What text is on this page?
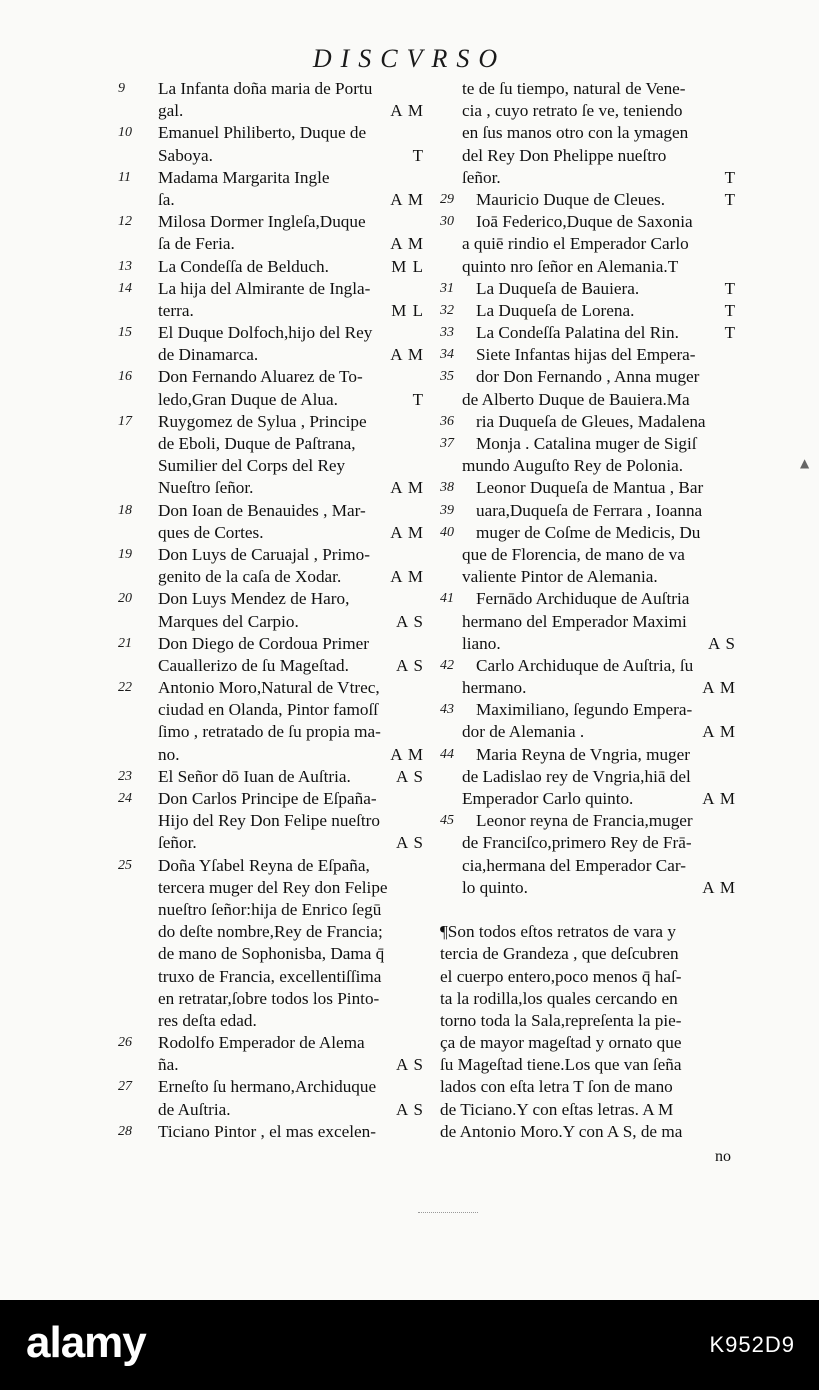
DISCVRSO
9	La Infanta doña maria de Portu
gal.	A M
10	Emanuel Philiberto, Duque de
Saboya.	T
11	Madama Margarita Ingle
ſa.	A M
12	Milosa Dormer Ingleſa,Duque
ſa de Feria.	A M
13	La Condeſſa de Belduch.	M L
14	La hija del Almirante de Ingla-
terra.	M L
15	El Duque Dolfoch,hijo del Rey
de Dinamarca.	A M
16	Don Fernando Aluarez de To-
ledo,Gran Duque de Alua.	T
17	Ruygomez de Sylua , Principe
de Eboli, Duque de Paſtrana,
Sumilier del Corps del Rey
Nueſtro ſeñor.	A M
18	Don Ioan de Benauides , Mar-
ques de Cortes.	A M
19	Don Luys de Caruajal , Primo-
genito de la caſa de Xodar.	A M
20	Don Luys Mendez de Haro,
Marques del Carpio.	A S
21	Don Diego de Cordoua Primer
Cauallerizo de ſu Mageſtad.	A S
22	Antonio Moro,Natural de Vtrec,
ciudad en Olanda, Pintor famoſſ
ſimo , retratado de ſu propia ma-
no.	A M
23	El Señor dō Iuan de Auſtria.	A S
24	Don Carlos Principe de Eſpaña-
Hijo del Rey Don Felipe nueſtro
ſeñor.	A S
25	Doña Yſabel Reyna de Eſpaña,
tercera muger del Rey don Felipe
nueſtro ſeñor:hija de Enrico ſegū
do deſte nombre,Rey de Francia;
de mano de Sophonisba, Dama q̄
truxo de Francia, excellentiſſima
en retratar,ſobre todos los Pinto-
res deſta edad.
26	Rodolfo Emperador de Alema
ña.	A S
27	Erneſto ſu hermano,Archiduque
de Auſtria.	A S
28	Ticiano Pintor , el mas excelen-
te de ſu tiempo, natural de Vene-
cia , cuyo retrato ſe ve, teniendo
en ſus manos otro con la ymagen
del Rey Don Phelippe nueſtro
ſeñor.	T
29	Mauricio Duque de Cleues.	T
30	Ioā Federico,Duque de Saxonia
a quiē rindio el Emperador Carlo
quinto nro ſeñor en Alemania.T
31	La Duqueſa de Bauiera.	T
32	La Duqueſa de Lorena.	T
33	La Condeſſa Palatina del Rin.	T
34	Siete Infantas hijas del Empera-
35	dor Don Fernando , Anna muger
de Alberto Duque de Bauiera.Ma
36	ria Duqueſa de Gleues, Madalena
37	Monja . Catalina muger de Sigiſ
mundo Auguſto Rey de Polonia.
38	Leonor Duqueſa de Mantua , Bar
39	uara,Duqueſa de Ferrara , Ioanna
40	muger de Coſme de Medicis, Du
que de Florencia, de mano de va
valiente Pintor de Alemania.
41	Fernādo Archiduque de Auſtria
hermano del Emperador Maximi
liano.	A S
42	Carlo Archiduque de Auſtria, ſu
hermano.	A M
43	Maximiliano, ſegundo Empera-
dor de Alemania .	A M
44	Maria Reyna de Vngria, muger
de Ladislao rey de Vngria,hiā del
Emperador Carlo quinto.	A M
45	Leonor reyna de Francia,muger
de Franciſco,primero Rey de Frā-
cia,hermana del Emperador Car-
lo quinto.	A M
¶Son todos eſtos retratos de vara y
tercia de Grandeza , que deſcubren
el cuerpo entero,poco menos q̄ haſ-
ta la rodilla,los quales cercando en
torno toda la Sala,repreſenta la pie-
ça de mayor mageſtad y ornato que
ſu Mageſtad tiene.Los que van ſeña
lados con eſta letra T ſon de mano
de Ticiano.Y con eſtas letras. A M
de Antonio Moro.Y con A S, de ma
no
▲
alamy	K952D9
